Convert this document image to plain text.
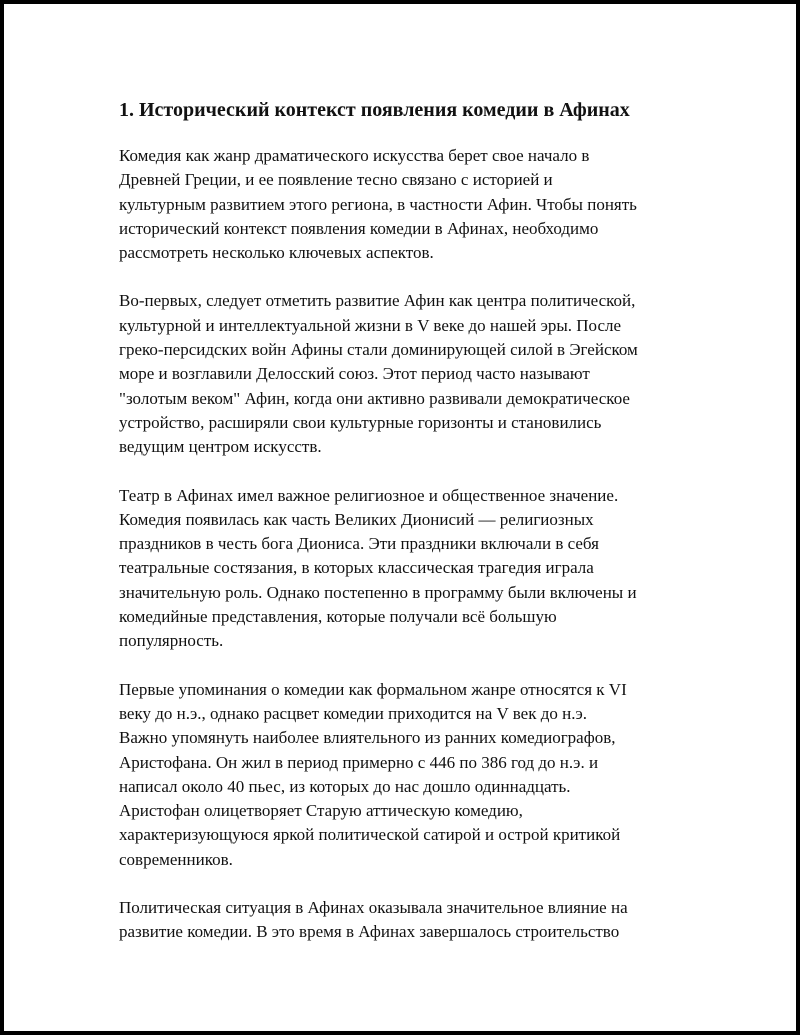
1. Исторический контекст появления комедии в Афинах

Комедия как жанр драматического искусства берет свое начало в
Древней Греции, и ее появление тесно связано с историей и
культурным развитием этого региона, в частности Афин. Чтобы понять
исторический контекст появления комедии в Афинах, необходимо
рассмотреть несколько ключевых аспектов.

Во-первых, следует отметить развитие Афин как центра политической,
культурной и интеллектуальной жизни в V веке до нашей эры. После
греко-персидских войн Афины стали доминирующей силой в Эгейском
море и возглавили Делосский союз. Этот период часто называют
"золотым веком" Афин, когда они активно развивали демократическое
устройство, расширяли свои культурные горизонты и становились
ведущим центром искусств.

Театр в Афинах имел важное религиозное и общественное значение.
Комедия появилась как часть Великих Дионисий — религиозных
праздников в честь бога Диониса. Эти праздники включали в себя
театральные состязания, в которых классическая трагедия играла
значительную роль. Однако постепенно в программу были включены и
комедийные представления, которые получали всё большую
популярность.

Первые упоминания о комедии как формальном жанре относятся к VI
веку до н.э., однако расцвет комедии приходится на V век до н.э.
Важно упомянуть наиболее влиятельного из ранних комедиографов,
Аристофана. Он жил в период примерно с 446 по 386 год до н.э. и
написал около 40 пьес, из которых до нас дошло одиннадцать.
Аристофан олицетворяет Старую аттическую комедию,
характеризующуюся яркой политической сатирой и острой критикой
современников.

Политическая ситуация в Афинах оказывала значительное влияние на
развитие комедии. В это время в Афинах завершалось строительство
